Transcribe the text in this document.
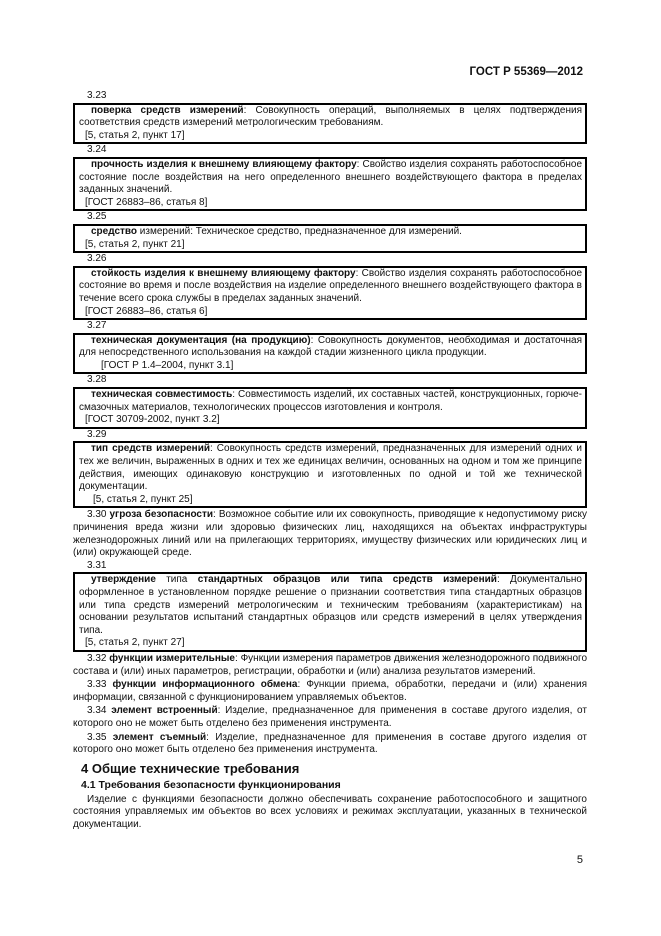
ГОСТ Р 55369—2012
3.23
поверка средств измерений: Совокупность операций, выполняемых в целях подтверждения соответствия средств измерений метрологическим требованиям.
[5, статья 2, пункт 17]
3.24
прочность изделия к внешнему влияющему фактору: Свойство изделия сохранять работоспособное состояние после воздействия на него определенного внешнего воздействующего фактора в пределах заданных значений.
[ГОСТ 26883–86, статья 8]
3.25
средство измерений: Техническое средство, предназначенное для измерений.
[5, статья 2, пункт 21]
3.26
стойкость изделия к внешнему влияющему фактору: Свойство изделия сохранять работоспособное состояние во время и после воздействия на изделие определенного внешнего воздействующего фактора в течение всего срока службы в пределах заданных значений.
[ГОСТ 26883–86, статья 6]
3.27
техническая документация (на продукцию): Совокупность документов, необходимая и достаточная для непосредственного использования на каждой стадии жизненного цикла продукции.
[ГОСТ Р 1.4–2004, пункт 3.1]
3.28
техническая совместимость: Совместимость изделий, их составных частей, конструкционных, горюче-смазочных материалов, технологических процессов изготовления и контроля.
[ГОСТ 30709-2002, пункт 3.2]
3.29
тип средств измерений: Совокупность средств измерений, предназначенных для измерений одних и тех же величин, выраженных в одних и тех же единицах величин, основанных на одном и том же принципе действия, имеющих одинаковую конструкцию и изготовленных по одной и той же технической документации.
[5, статья 2, пункт 25]
3.30 угроза безопасности: Возможное событие или их совокупность, приводящие к недопустимому риску причинения вреда жизни или здоровью физических лиц, находящихся на объектах инфраструктуры железнодорожных линий или на прилегающих территориях, имуществу физических или юридических лиц и (или) окружающей среде.
3.31
утверждение типа стандартных образцов или типа средств измерений: Документально оформленное в установленном порядке решение о признании соответствия типа стандартных образцов или типа средств измерений метрологическим и техническим требованиям (характеристикам) на основании результатов испытаний стандартных образцов или средств измерений в целях утверждения типа.
[5, статья 2, пункт 27]
3.32 функции измерительные: Функции измерения параметров движения железнодорожного подвижного состава и (или) иных параметров, регистрации, обработки и (или) анализа результатов измерений.
3.33 функции информационного обмена: Функции приема, обработки, передачи и (или) хранения информации, связанной с функционированием управляемых объектов.
3.34 элемент встроенный: Изделие, предназначенное для применения в составе другого изделия, от которого оно не может быть отделено без применения инструмента.
3.35 элемент съемный: Изделие, предназначенное для применения в составе другого изделия от которого оно может быть отделено без применения инструмента.
4 Общие технические требования
4.1 Требования безопасности функционирования
Изделие с функциями безопасности должно обеспечивать сохранение работоспособного и защитного состояния управляемых им объектов во всех условиях и режимах эксплуатации, указанных в технической документации.
5
